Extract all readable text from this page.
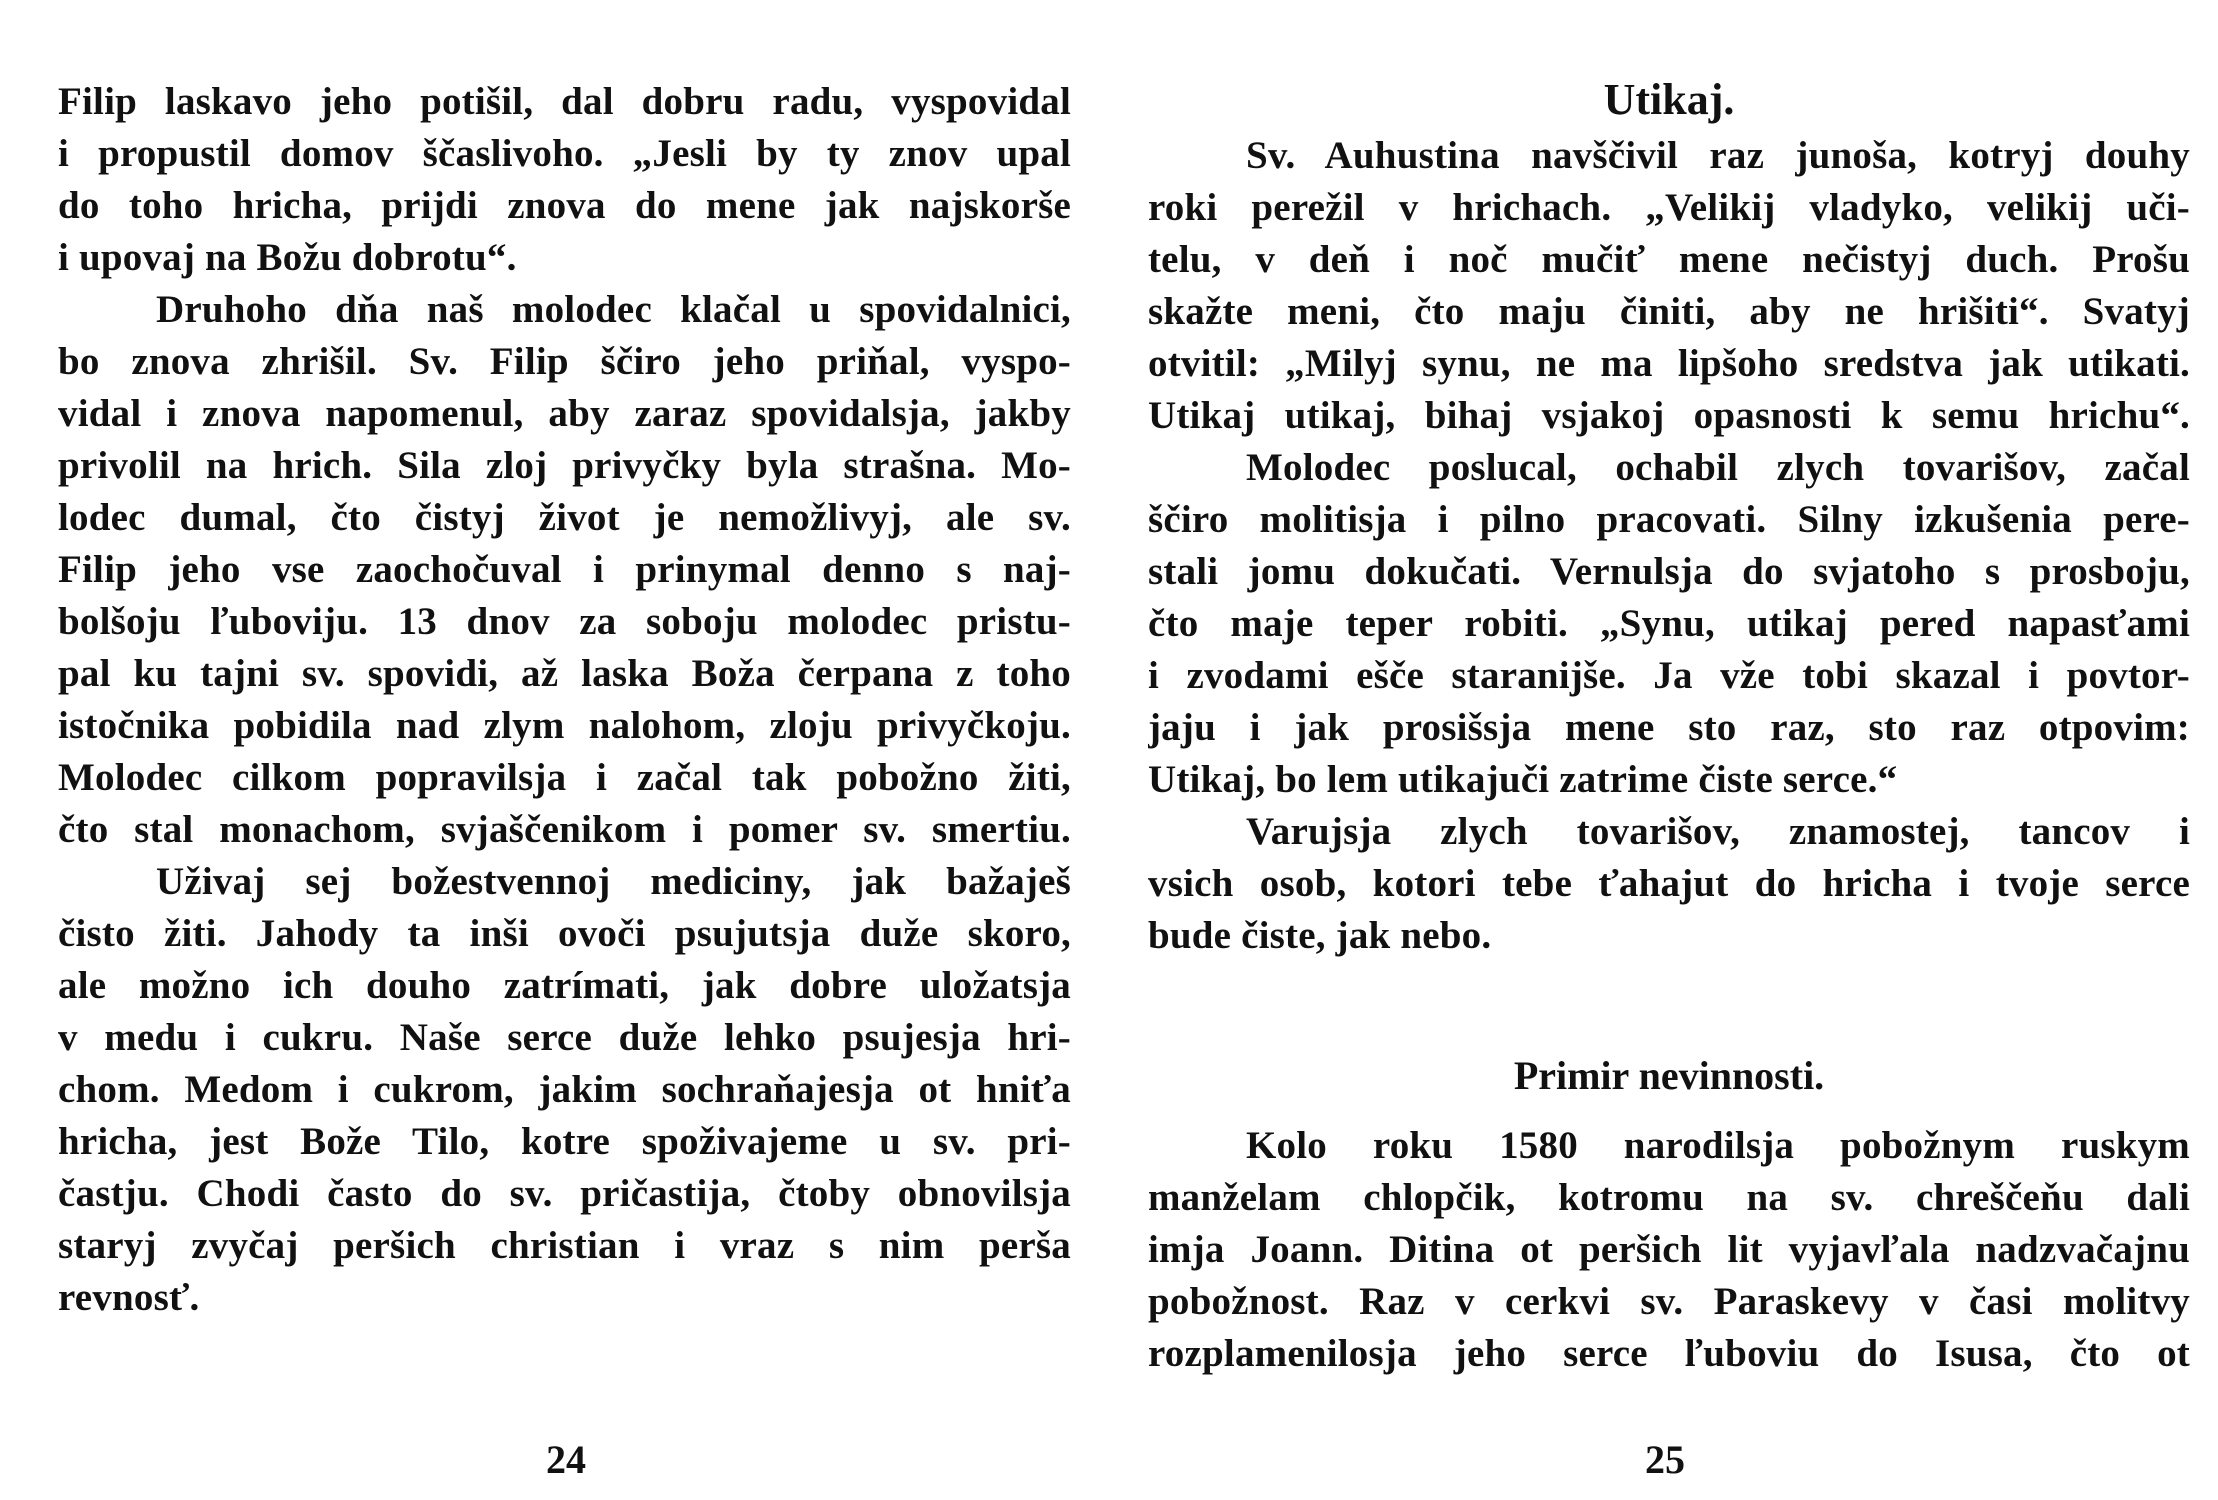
Filip laskavo jeho potišil, dal dobru radu, vyspovidal
i propustil domov ščaslivoho. „Jesli by ty znov upal
do toho hricha, prijdi znova do mene jak najskorše
i upovaj na Božu dobrotu“.
Druhoho dňa naš molodec klačal u spovidalnici,
bo znova zhrišil. Sv. Filip ščiro jeho priňal, vyspo-
vidal i znova napomenul, aby zaraz spovidalsja, jakby
privolil na hrich. Sila zloj privyčky byla strašna. Mo-
lodec dumal, čto čistyj život je nemožlivyj, ale sv.
Filip jeho vse zaochočuval i prinymal denno s naj-
bolšoju ľuboviju. 13 dnov za soboju molodec pristu-
pal ku tajni sv. spovidi, až laska Boža čerpana z toho
istočnika pobidila nad zlym nalohom, zloju privyčkoju.
Molodec cilkom popravilsja i začal tak pobožno žiti,
čto stal monachom, svjaščenikom i pomer sv. smertiu.
Uživaj sej božestvennoj mediciny, jak bažaješ
čisto žiti. Jahody ta inši ovoči psujutsja duže skoro,
ale možno ich douho zatrímati, jak dobre uložatsja
v medu i cukru. Naše serce duže lehko psujesja hri-
chom. Medom i cukrom, jakim sochraňajesja ot hniťa
hricha, jest Bože Tilo, kotre spoživajeme u sv. pri-
častju. Chodi často do sv. pričastija, čtoby obnovilsja
staryj zvyčaj peršich christian i vraz s nim perša
revnosť.
24
Utikaj.
Sv. Auhustina navščivil raz junoša, kotryj douhy
roki perežil v hrichach. „Velikij vladyko, velikij uči-
telu, v deň i noč mučiť mene nečistyj duch. Prošu
skažte meni, čto maju činiti, aby ne hrišiti“. Svatyj
otvitil: „Milyj synu, ne ma lipšoho sredstva jak utikati.
Utikaj utikaj, bihaj vsjakoj opasnosti k semu hrichu“.
Molodec poslucal, ochabil zlych tovarišov, začal
ščiro molitisja i pilno pracovati. Silny izkušenia pere-
stali jomu dokučati. Vernulsja do svjatoho s prosboju,
čto maje teper robiti. „Synu, utikaj pered napasťami
i zvodami ešče staranijše. Ja vže tobi skazal i povtor-
jaju i jak prosišsja mene sto raz, sto raz otpovim:
Utikaj, bo lem utikajuči zatrime čiste serce.“
Varujsja zlych tovarišov, znamostej, tancov i
vsich osob, kotori tebe ťahajut do hricha i tvoje serce
bude čiste, jak nebo.
Primir nevinnosti.
Kolo roku 1580 narodilsja pobožnym ruskym
manželam chlopčik, kotromu na sv. chreščeňu dali
imja Joann. Ditina ot peršich lit vyjavľala nadzvačajnu
pobožnost. Raz v cerkvi sv. Paraskevy v časi molitvy
rozplamenilosja jeho serce ľuboviu do Isusa, čto ot
25
